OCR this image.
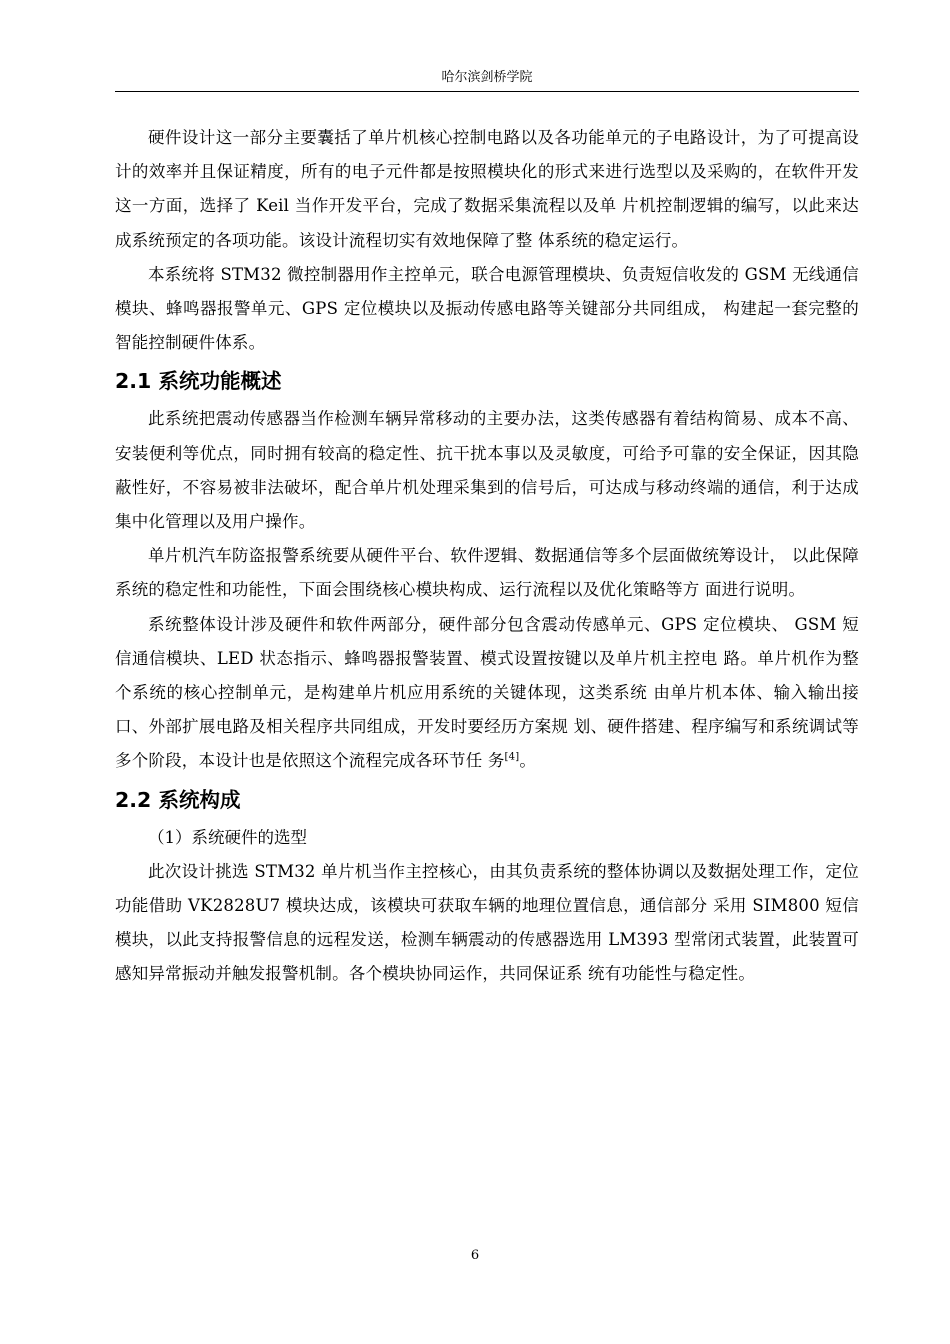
哈尔滨剑桥学院

硬件设计这一部分主要囊括了单片机核心控制电路以及各功能单元的子电路设计，为了可提高设计的效率并且保证精度，所有的电子元件都是按照模块化的形式来进行选型以及采购的，在软件开发这一方面，选择了 Keil 当作开发平台，完成了数据采集流程以及单 片机控制逻辑的编写，以此来达成系统预定的各项功能。该设计流程切实有效地保障了整 体系统的稳定运行。

本系统将 STM32 微控制器用作主控单元，联合电源管理模块、负责短信收发的 GSM 无线通信模块、蜂鸣器报警单元、GPS 定位模块以及振动传感电路等关键部分共同组成， 构建起一套完整的智能控制硬件体系。

2.1 系统功能概述

此系统把震动传感器当作检测车辆异常移动的主要办法，这类传感器有着结构简易、成本不高、安装便利等优点，同时拥有较高的稳定性、抗干扰本事以及灵敏度，可给予可靠的安全保证，因其隐蔽性好，不容易被非法破坏，配合单片机处理采集到的信号后，可达成与移动终端的通信，利于达成集中化管理以及用户操作。

单片机汽车防盗报警系统要从硬件平台、软件逻辑、数据通信等多个层面做统筹设计， 以此保障系统的稳定性和功能性，下面会围绕核心模块构成、运行流程以及优化策略等方 面进行说明。

系统整体设计涉及硬件和软件两部分，硬件部分包含震动传感单元、GPS 定位模块、 GSM 短信通信模块、LED 状态指示、蜂鸣器报警装置、模式设置按键以及单片机主控电 路。单片机作为整个系统的核心控制单元，是构建单片机应用系统的关键体现，这类系统 由单片机本体、输入输出接口、外部扩展电路及相关程序共同组成，开发时要经历方案规 划、硬件搭建、程序编写和系统调试等多个阶段，本设计也是依照这个流程完成各环节任 务[4]。

2.2 系统构成

（1）系统硬件的选型

此次设计挑选 STM32 单片机当作主控核心，由其负责系统的整体协调以及数据处理工作，定位功能借助 VK2828U7 模块达成，该模块可获取车辆的地理位置信息，通信部分 采用 SIM800 短信模块，以此支持报警信息的远程发送，检测车辆震动的传感器选用 LM393 型常闭式装置，此装置可感知异常振动并触发报警机制。各个模块协同运作，共同保证系 统有功能性与稳定性。

6
